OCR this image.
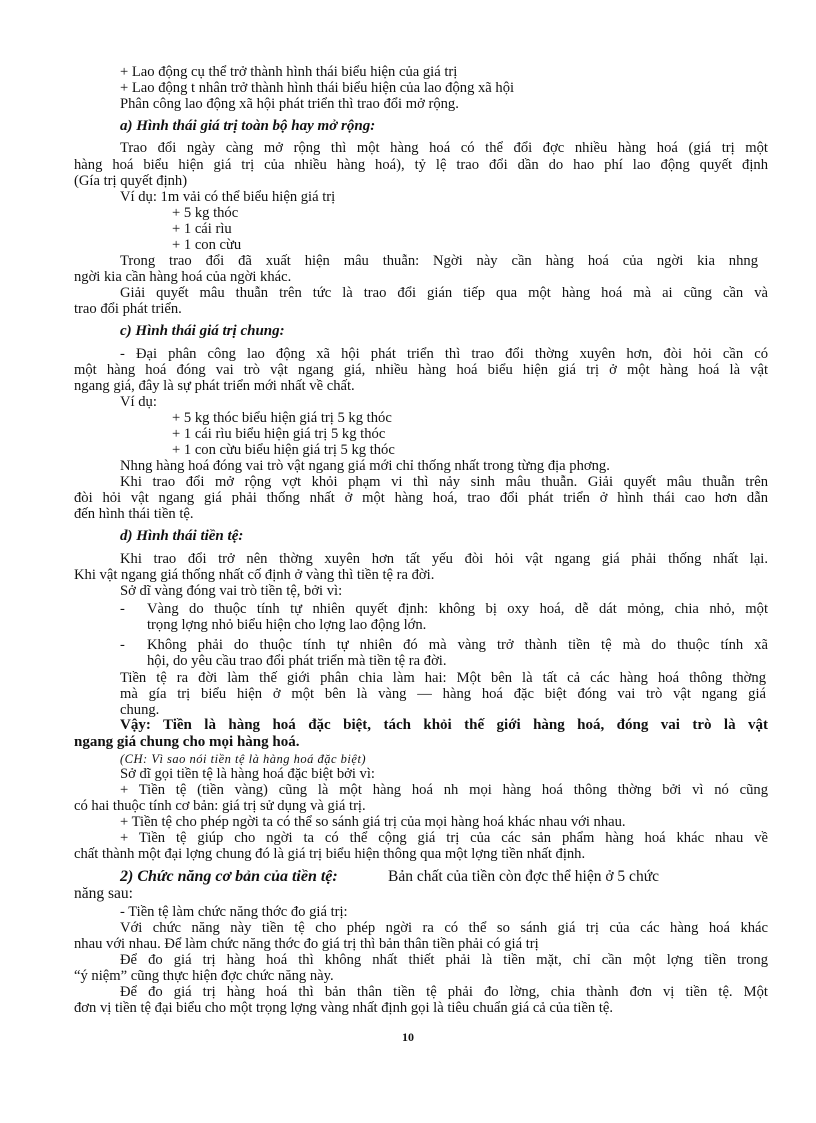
+ Lao động cụ thể trở thành hình thái biểu hiện của giá trị
+ Lao động t nhân trở thành hình thái biểu hiện của lao động xã hội
Phân công lao động xã hội phát triển thì trao đổi mở rộng.
a) Hình thái giá trị toàn bộ hay mở rộng:
Trao đổi ngày càng mở rộng thì một hàng hoá có thể đổi đợc nhiều hàng hoá (giá trị một
hàng hoá biểu hiện giá trị của nhiều hàng hoá), tỷ lệ trao đổi dần do hao phí lao động quyết định
(Gía trị quyết định)
Ví dụ: 1m vải có thể biểu hiện giá trị
+ 5 kg thóc
+ 1 cái rìu
+ 1 con cừu
Trong trao đổi đã xuất hiện mâu thuẫn: Ngời này cần hàng hoá của ngời kia nhng
ngời kia cần hàng hoá của ngời khác.
Giải quyết mâu thuẫn trên tức là trao đổi gián tiếp qua một hàng hoá mà ai cũng cần và
trao đổi phát triển.
c) Hình thái giá trị chung:
- Đại phân công lao động xã hội phát triển thì trao đổi thờng xuyên hơn, đòi hỏi cần có
một hàng hoá đóng vai trò vật ngang giá, nhiều hàng hoá biểu hiện giá trị ở một hàng hoá là vật
ngang giá, đây là sự phát triển mới nhất về chất.
Ví dụ:
+ 5 kg thóc biểu hiện giá trị 5 kg thóc
+ 1 cái rìu biểu hiện giá trị 5 kg thóc
+ 1 con cừu biểu hiện giá trị 5 kg thóc
Nhng hàng hoá đóng vai trò vật ngang giá mới chỉ thống nhất trong từng địa phơng.
Khi trao đổi mở rộng vợt khỏi phạm vi thì nảy sinh mâu thuẫn. Giải quyết mâu thuẫn trên
đòi hỏi vật ngang giá phải thống nhất ở một hàng hoá, trao đổi phát triển ở hình thái cao hơn dẫn
đến hình thái tiền tệ.
d) Hình thái tiền tệ:
Khi trao đổi trở nên thờng xuyên hơn tất yếu đòi hỏi vật ngang giá phải thống nhất lại.
Khi vật ngang giá thống nhất cố định ở vàng thì tiền tệ ra đời.
Sở dĩ vàng đóng vai trò tiền tệ, bởi vì:
- Vàng do thuộc tính tự nhiên quyết định: không bị oxy hoá, dễ dát mỏng, chia nhỏ, một
trọng lợng nhỏ biểu hiện cho lợng lao động lớn.
- Không phải do thuộc tính tự nhiên đó mà vàng trở thành tiền tệ mà do thuộc tính xã
hội, do yêu cầu trao đổi phát triển mà tiền tệ ra đời.
Tiền tệ ra đời làm thế giới phân chia làm hai: Một bên là tất cả các hàng hoá thông thờng
mà gía trị biểu hiện ở một bên là vàng — hàng hoá đặc biệt đóng vai trò vật ngang giá
chung.
Vậy: Tiền là hàng hoá đặc biệt, tách khỏi thế giới hàng hoá, đóng vai trò là vật
ngang giá chung cho mọi hàng hoá.
(CH: Vì sao nói tiền tệ là hàng hoá đặc biệt)
Sở dĩ gọi tiền tệ là hàng hoá đặc biệt bởi vì:
+ Tiền tệ (tiền vàng) cũng là một hàng hoá nh mọi hàng hoá thông thờng bởi vì nó cũng
có hai thuộc tính cơ bản: giá trị sử dụng và giá trị.
+ Tiền tệ cho phép ngời ta có thể so sánh giá trị của mọi hàng hoá khác nhau với nhau.
+ Tiền tệ giúp cho ngời ta có thể cộng giá trị của các sản phẩm hàng hoá khác nhau về
chất thành một đại lợng chung đó là giá trị biểu hiện thông qua một lợng tiền nhất định.
2) Chức năng cơ bản của tiền tệ:	Bản chất của tiền còn đợc thể hiện ở 5 chức
năng sau:
- Tiền tệ làm chức năng thớc đo giá trị:
Với chức năng này tiền tệ cho phép ngời ra có thể so sánh giá trị của các hàng hoá khác
nhau với nhau. Để làm chức năng thớc đo giá trị thì bản thân tiền phải có giá trị
Để đo giá trị hàng hoá thì không nhất thiết phải là tiền mặt, chỉ cần một lợng tiền trong
“ý niệm” cũng thực hiện đợc chức năng này.
Để đo giá trị hàng hoá thì bản thân tiền tệ phải đo lờng, chia thành đơn vị tiền tệ. Một
đơn vị tiền tệ đại biểu cho một trọng lợng vàng nhất định gọi là tiêu chuẩn giá cả của tiền tệ.
10
